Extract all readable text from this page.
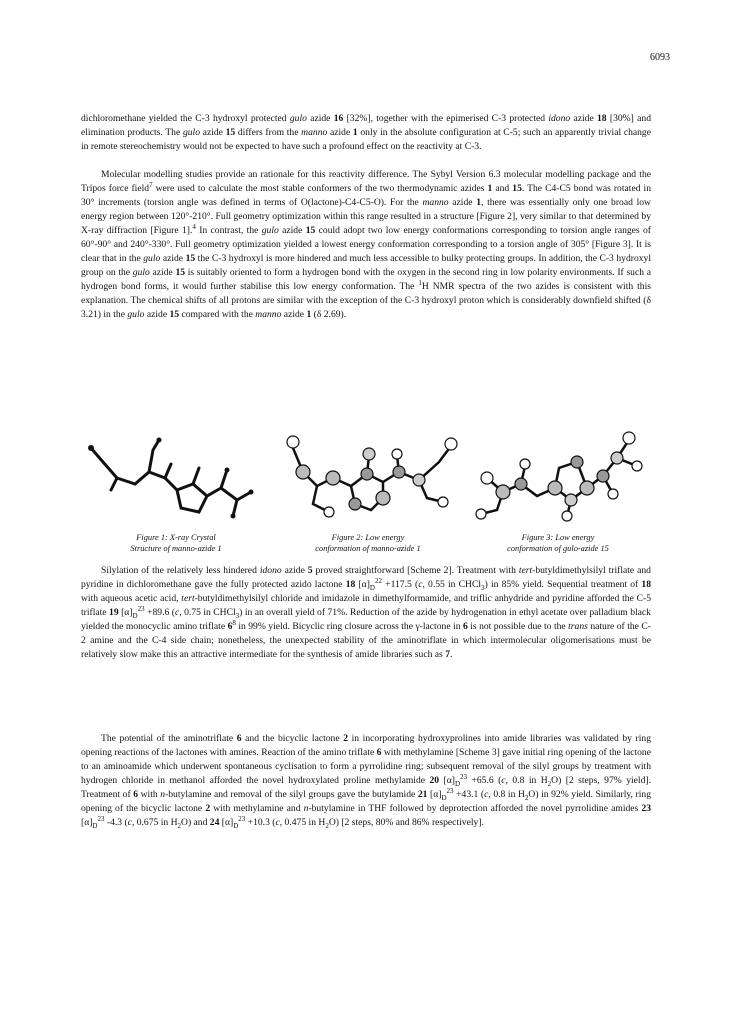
6093

dichloromethane yielded the C-3 hydroxyl protected gulo azide 16 [32%], together with the epimerised C-3 protected idono azide 18 [30%] and elimination products. The gulo azide 15 differs from the manno azide 1 only in the absolute configuration at C-5; such an apparently trivial change in remote stereochemistry would not be expected to have such a profound effect on the reactivity at C-3.

Molecular modelling studies provide an rationale for this reactivity difference. The Sybyl Version 6.3 molecular modelling package and the Tripos force field$^7$ were used to calculate the most stable conformers of the two thermodynamic azides 1 and 15. The C4-C5 bond was rotated in 30° increments (torsion angle was defined in terms of O(lactone)-C4-C5-O). For the manno azide 1, there was essentially only one broad low energy region between 120°-210°. Full geometry optimization within this range resulted in a structure [Figure 2], very similar to that determined by X-ray diffraction [Figure 1].$^4$ In contrast, the gulo azide 15 could adopt two low energy conformations corresponding to torsion angle ranges of 60°-90° and 240°-330°. Full geometry optimization yielded a lowest energy conformation corresponding to a torsion angle of 305° [Figure 3]. It is clear that in the gulo azide 15 the C-3 hydroxyl is more hindered and much less accessible to bulky protecting groups. In addition, the C-3 hydroxyl group on the gulo azide 15 is suitably oriented to form a hydrogen bond with the oxygen in the second ring in low polarity environments. If such a hydrogen bond forms, it would further stabilise this low energy conformation. The $^1$H NMR spectra of the two azides is consistent with this explanation. The chemical shifts of all protons are similar with the exception of the C-3 hydroxyl proton which is considerably downfield shifted (δ 3.21) in the gulo azide 15 compared with the manno azide 1 (δ 2.69).

Figure 1: X-ray Crystal
Structure of manno-azide 1
Figure 2: Low energy
conformation of manno-azide 1
Figure 3: Low energy
conformation of gulo-azide 15

Silylation of the relatively less hindered idono azide 5 proved straightforward [Scheme 2]. Treatment with tert-butyldimethylsilyl triflate and pyridine in dichloromethane gave the fully protected azido lactone 18 $[\alpha]_D^{22} +117.5$ (c, 0.55 in CHCl$_3$) in 85% yield. Sequential treatment of 18 with aqueous acetic acid, tert-butyldimethylsilyl chloride and imidazole in dimethylformamide, and triflic anhydride and pyridine afforded the C-5 triflate 19 $[\alpha]_D^{23} +89.6$ (c, 0.75 in CHCl$_3$) in an overall yield of 71%. Reduction of the azide by hydrogenation in ethyl acetate over palladium black yielded the monocyclic amino triflate $6^8$ in 99% yield. Bicyclic ring closure across the γ-lactone in 6 is not possible due to the trans nature of the C-2 amine and the C-4 side chain; nonetheless, the unexpected stability of the aminotriflate in which intermolecular oligomerisations must be relatively slow make this an attractive intermediate for the synthesis of amide libraries such as 7.

The potential of the aminotriflate 6 and the bicyclic lactone 2 in incorporating hydroxyprolines into amide libraries was validated by ring opening reactions of the lactones with amines. Reaction of the amino triflate 6 with methylamine [Scheme 3] gave initial ring opening of the lactone to an aminoamide which underwent spontaneous cyclisation to form a pyrrolidine ring; subsequent removal of the silyl groups by treatment with hydrogen chloride in methanol afforded the novel hydroxylated proline methylamide 20 $[\alpha]_D^{23} +65.6$ (c, 0.8 in $H_2O$) [2 steps, 97% yield]. Treatment of 6 with n-butylamine and removal of the silyl groups gave the butylamide 21 $[\alpha]_D^{23} +43.1$ (c, 0.8 in $H_2O$) in 92% yield. Similarly, ring opening of the bicyclic lactone 2 with methylamine and n-butylamine in THF followed by deprotection afforded the novel pyrrolidine amides 23 $[\alpha]_D^{23}$ -4.3 (c, 0.675 in $H_2O$) and 24 $[\alpha]_D^{23} +10.3$ (c, 0.475 in $H_2O$) [2 steps, 80% and 86% respectively].
